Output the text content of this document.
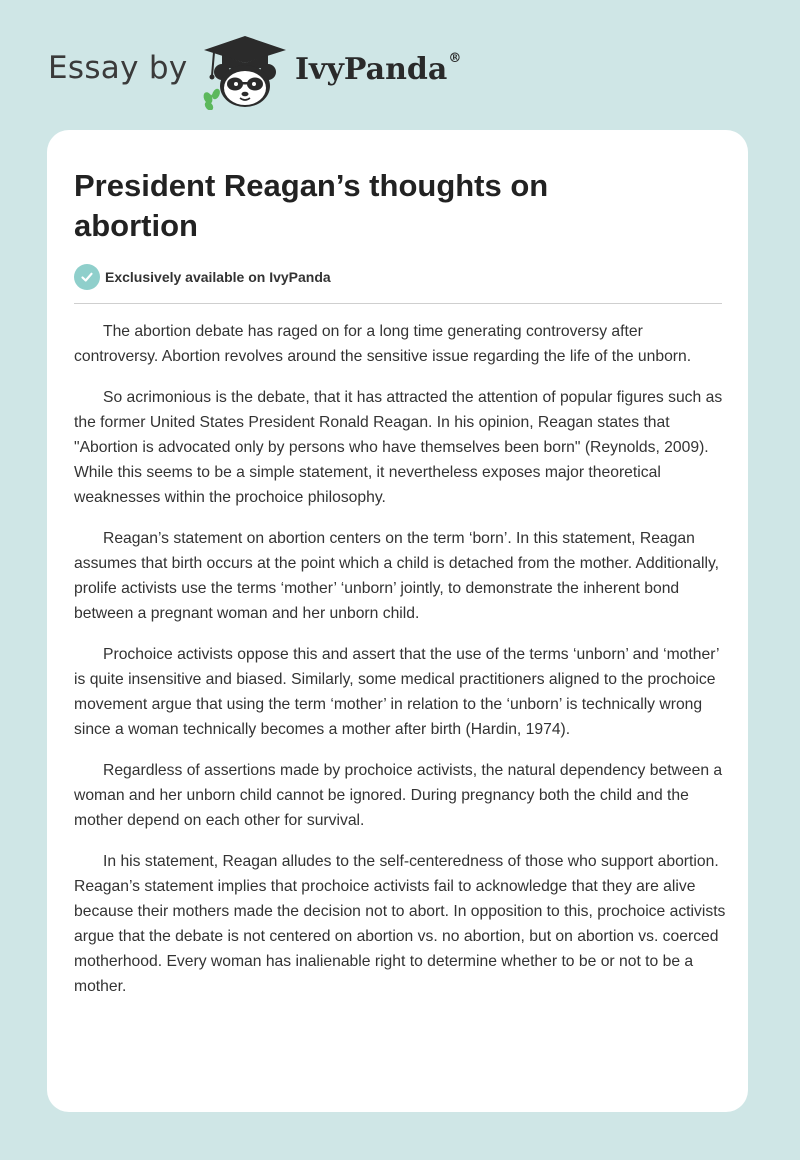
Essay by	IvyPanda®
President Reagan’s thoughts on abortion
Exclusively available on IvyPanda

The abortion debate has raged on for a long time generating controversy after controversy. Abortion revolves around the sensitive issue regarding the life of the unborn.

So acrimonious is the debate, that it has attracted the attention of popular figures such as the former United States President Ronald Reagan. In his opinion, Reagan states that "Abortion is advocated only by persons who have themselves been born" (Reynolds, 2009). While this seems to be a simple statement, it nevertheless exposes major theoretical weaknesses within the prochoice philosophy.

Reagan’s statement on abortion centers on the term ‘born’. In this statement, Reagan assumes that birth occurs at the point which a child is detached from the mother. Additionally, prolife activists use the terms ‘mother’ ‘unborn’ jointly, to demonstrate the inherent bond between a pregnant woman and her unborn child.

Prochoice activists oppose this and assert that the use of the terms ‘unborn’ and ‘mother’ is quite insensitive and biased. Similarly, some medical practitioners aligned to the prochoice movement argue that using the term ‘mother’ in relation to the ‘unborn’ is technically wrong since a woman technically becomes a mother after birth (Hardin, 1974).

Regardless of assertions made by prochoice activists, the natural dependency between a woman and her unborn child cannot be ignored. During pregnancy both the child and the mother depend on each other for survival.

In his statement, Reagan alludes to the self-centeredness of those who support abortion. Reagan’s statement implies that prochoice activists fail to acknowledge that they are alive because their mothers made the decision not to abort. In opposition to this, prochoice activists argue that the debate is not centered on abortion vs. no abortion, but on abortion vs. coerced motherhood. Every woman has inalienable right to determine whether to be or not to be a mother.
